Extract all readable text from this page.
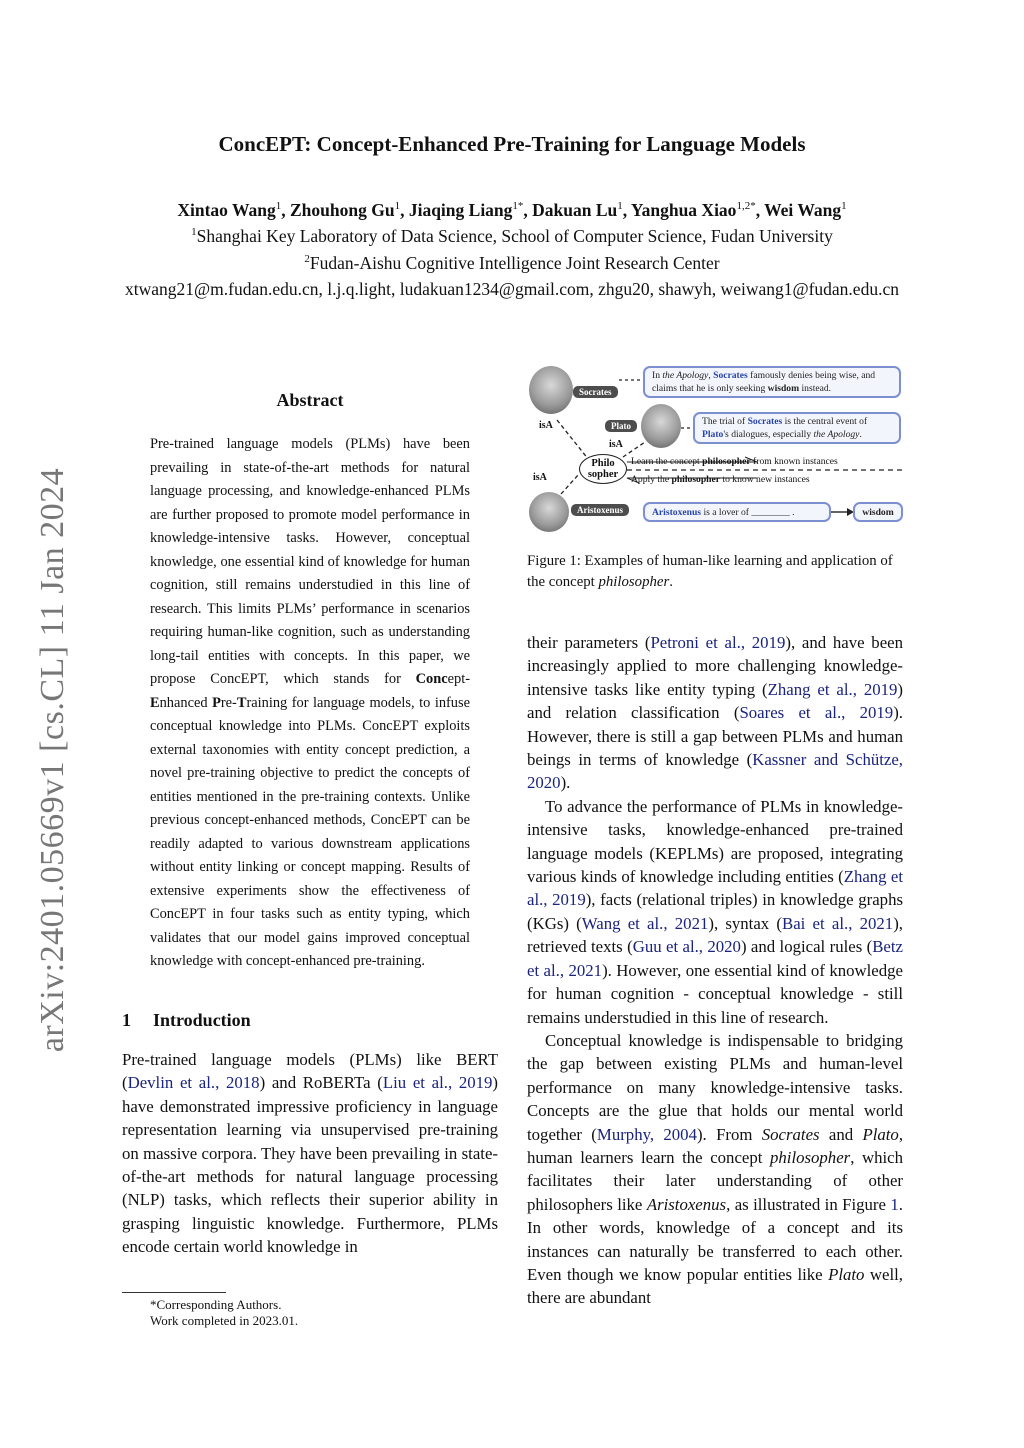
arXiv:2401.05669v1 [cs.CL] 11 Jan 2024
ConcEPT: Concept-Enhanced Pre-Training for Language Models
Xintao Wang$^1$, Zhouhong Gu$^1$, Jiaqing Liang$^{1*}$, Dakuan Lu$^1$, Yanghua Xiao$^{1,2*}$, Wei Wang$^1$
$^1$Shanghai Key Laboratory of Data Science, School of Computer Science, Fudan University
$^2$Fudan-Aishu Cognitive Intelligence Joint Research Center
xtwang21@m.fudan.edu.cn, l.j.q.light, ludakuan1234@gmail.com, zhgu20, shawyh, weiwang1@fudan.edu.cn
Abstract
Pre-trained language models (PLMs) have been prevailing in state-of-the-art methods for natural language processing, and knowledge-enhanced PLMs are further proposed to promote model performance in knowledge-intensive tasks. However, conceptual knowledge, one essential kind of knowledge for human cognition, still remains understudied in this line of research. This limits PLMs’ performance in scenarios requiring human-like cognition, such as understanding long-tail entities with concepts. In this paper, we propose ConcEPT, which stands for Concept-Enhanced Pre-Training for language models, to infuse conceptual knowledge into PLMs. ConcEPT exploits external taxonomies with entity concept prediction, a novel pre-training objective to predict the concepts of entities mentioned in the pre-training contexts. Unlike previous concept-enhanced methods, ConcEPT can be readily adapted to various downstream applications without entity linking or concept mapping. Results of extensive experiments show the effectiveness of ConcEPT in four tasks such as entity typing, which validates that our model gains improved conceptual knowledge with concept-enhanced pre-training.
1 Introduction

Pre-trained language models (PLMs) like BERT (Devlin et al., 2018) and RoBERTa (Liu et al., 2019) have demonstrated impressive proficiency in language representation learning via unsupervised pre-training on massive corpora. They have been prevailing in state-of-the-art methods for natural language processing (NLP) tasks, which reflects their superior ability in grasping linguistic knowledge. Furthermore, PLMs encode certain world knowledge in

*Corresponding Authors.
Work completed in 2023.01.
Socrates
In the Apology, Socrates famously denies being wise, and claims that he is only seeking wisdom instead.
isA	Plato
isA
The trial of Socrates is the central event of Plato's dialogues, especially the Apology.
Philo
sopher
Learn the concept philosopher from known instances
isA	Apply the philosopher to know new instances
Aristoxenus	Aristoxenus is a lover of ________ .	wisdom
Figure 1: Examples of human-like learning and application of the concept philosopher.

their parameters (Petroni et al., 2019), and have been increasingly applied to more challenging knowledge-intensive tasks like entity typing (Zhang et al., 2019) and relation classification (Soares et al., 2019). However, there is still a gap between PLMs and human beings in terms of knowledge (Kassner and Schütze, 2020).

To advance the performance of PLMs in knowledge-intensive tasks, knowledge-enhanced pre-trained language models (KEPLMs) are proposed, integrating various kinds of knowledge including entities (Zhang et al., 2019), facts (relational triples) in knowledge graphs (KGs) (Wang et al., 2021), syntax (Bai et al., 2021), retrieved texts (Guu et al., 2020) and logical rules (Betz et al., 2021). However, one essential kind of knowledge for human cognition - conceptual knowledge - still remains understudied in this line of research.

Conceptual knowledge is indispensable to bridging the gap between existing PLMs and human-level performance on many knowledge-intensive tasks. Concepts are the glue that holds our mental world together (Murphy, 2004). From Socrates and Plato, human learners learn the concept philosopher, which facilitates their later understanding of other philosophers like Aristoxenus, as illustrated in Figure 1. In other words, knowledge of a concept and its instances can naturally be transferred to each other. Even though we know popular entities like Plato well, there are abundant
